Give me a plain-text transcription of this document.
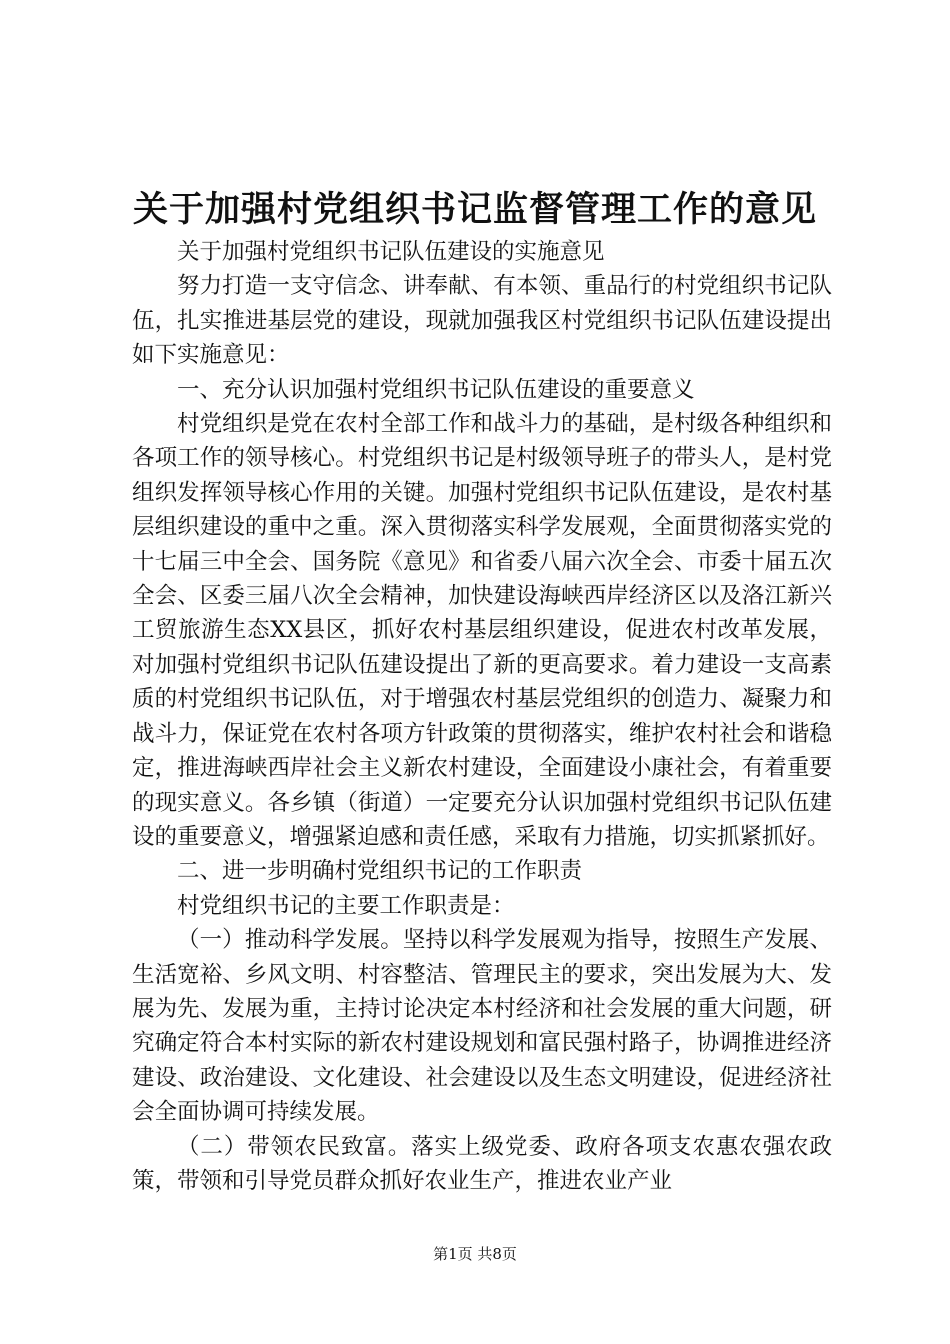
关于加强村党组织书记监督管理工作的意见

关于加强村党组织书记队伍建设的实施意见

努力打造一支守信念、讲奉献、有本领、重品行的村党组织书记队伍，扎实推进基层党的建设，现就加强我区村党组织书记队伍建设提出如下实施意见：

一、充分认识加强村党组织书记队伍建设的重要意义

村党组织是党在农村全部工作和战斗力的基础，是村级各种组织和各项工作的领导核心。村党组织书记是村级领导班子的带头人，是村党组织发挥领导核心作用的关键。加强村党组织书记队伍建设，是农村基层组织建设的重中之重。深入贯彻落实科学发展观，全面贯彻落实党的十七届三中全会、国务院《意见》和省委八届六次全会、市委十届五次全会、区委三届八次全会精神，加快建设海峡西岸经济区以及洛江新兴工贸旅游生态XX县区，抓好农村基层组织建设，促进农村改革发展，对加强村党组织书记队伍建设提出了新的更高要求。着力建设一支高素质的村党组织书记队伍，对于增强农村基层党组织的创造力、凝聚力和战斗力，保证党在农村各项方针政策的贯彻落实，维护农村社会和谐稳定，推进海峡西岸社会主义新农村建设，全面建设小康社会，有着重要的现实意义。各乡镇（街道）一定要充分认识加强村党组织书记队伍建设的重要意义，增强紧迫感和责任感，采取有力措施，切实抓紧抓好。

二、进一步明确村党组织书记的工作职责

村党组织书记的主要工作职责是：

（一）推动科学发展。坚持以科学发展观为指导，按照生产发展、生活宽裕、乡风文明、村容整洁、管理民主的要求，突出发展为大、发展为先、发展为重，主持讨论决定本村经济和社会发展的重大问题，研究确定符合本村实际的新农村建设规划和富民强村路子，协调推进经济建设、政治建设、文化建设、社会建设以及生态文明建设，促进经济社会全面协调可持续发展。

（二）带领农民致富。落实上级党委、政府各项支农惠农强农政策，带领和引导党员群众抓好农业生产，推进农业产业

第1页 共8页
